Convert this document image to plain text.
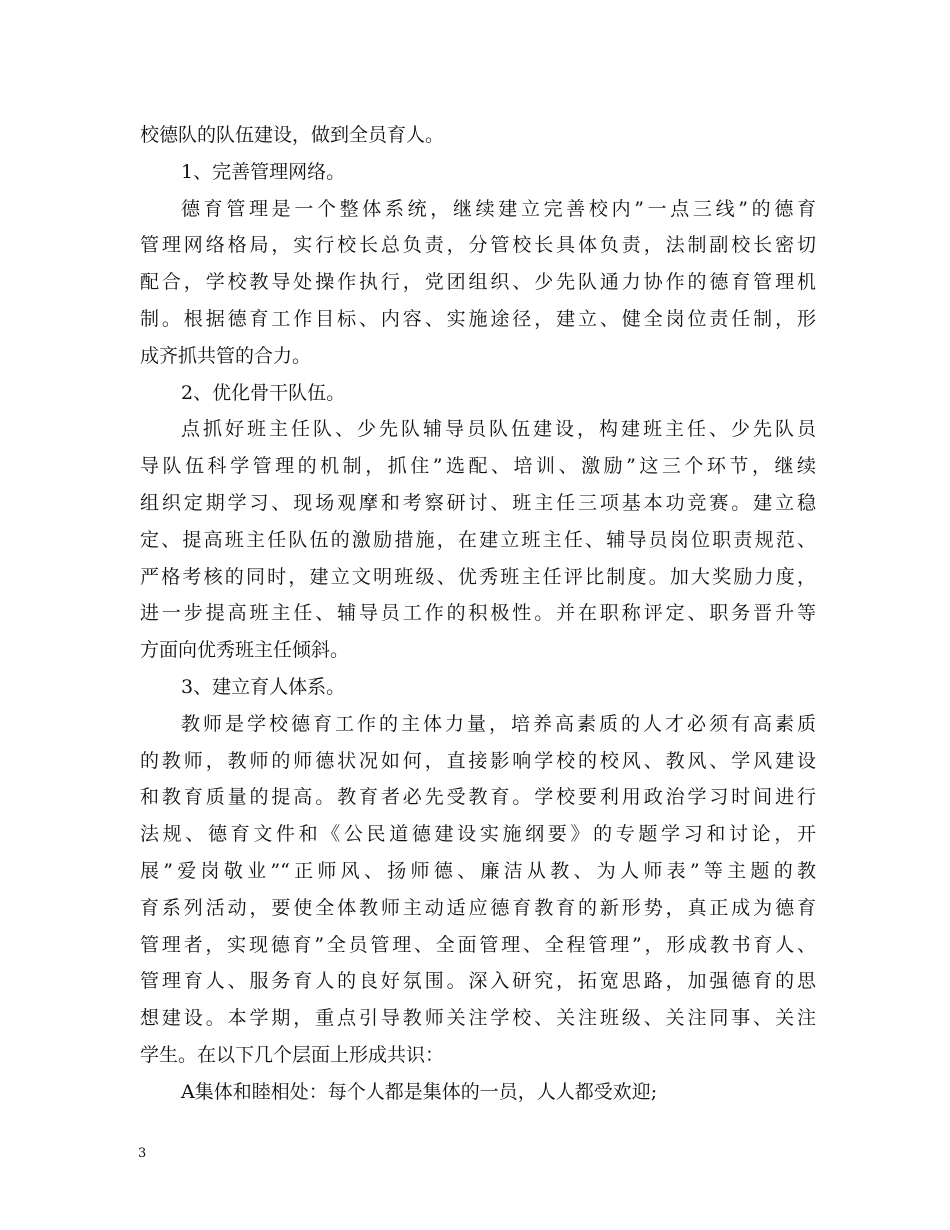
校德队的队伍建设，做到全员育人。
1、完善管理网络。
德育管理是一个整体系统，继续建立完善校内”一点三线”的德育
管理网络格局，实行校长总负责，分管校长具体负责，法制副校长密切
配合，学校教导处操作执行，党团组织、少先队通力协作的德育管理机
制。根据德育工作目标、内容、实施途径，建立、健全岗位责任制，形
成齐抓共管的合力。
2、优化骨干队伍。
点抓好班主任队、少先队辅导员队伍建设，构建班主任、少先队员
导队伍科学管理的机制，抓住”选配、培训、激励”这三个环节，继续
组织定期学习、现场观摩和考察研讨、班主任三项基本功竞赛。建立稳
定、提高班主任队伍的激励措施，在建立班主任、辅导员岗位职责规范、
严格考核的同时，建立文明班级、优秀班主任评比制度。加大奖励力度，
进一步提高班主任、辅导员工作的积极性。并在职称评定、职务晋升等
方面向优秀班主任倾斜。
3、建立育人体系。
教师是学校德育工作的主体力量，培养高素质的人才必须有高素质
的教师，教师的师德状况如何，直接影响学校的校风、教风、学风建设
和教育质量的提高。教育者必先受教育。学校要利用政治学习时间进行
法规、德育文件和《公民道德建设实施纲要》的专题学习和讨论，开
展”爱岗敬业”“正师风、扬师德、廉洁从教、为人师表”等主题的教
育系列活动，要使全体教师主动适应德育教育的新形势，真正成为德育
管理者，实现德育”全员管理、全面管理、全程管理”，形成教书育人、
管理育人、服务育人的良好氛围。深入研究，拓宽思路，加强德育的思
想建设。本学期，重点引导教师关注学校、关注班级、关注同事、关注
学生。在以下几个层面上形成共识：
A集体和睦相处：每个人都是集体的一员，人人都受欢迎;
3
